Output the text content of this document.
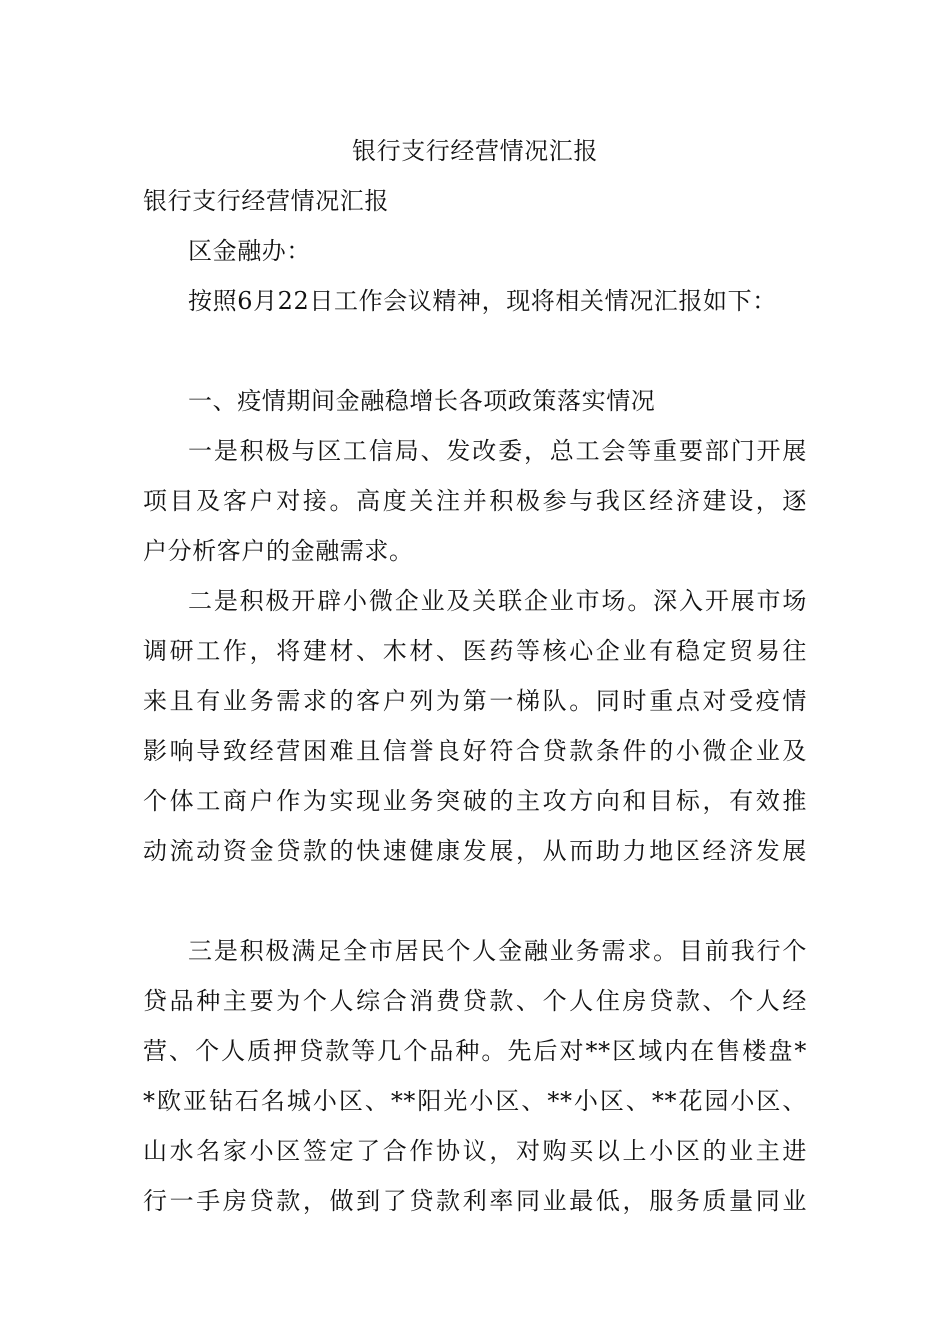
银行支行经营情况汇报
银行支行经营情况汇报
区金融办：
按照6月22日工作会议精神，现将相关情况汇报如下：
一、疫情期间金融稳增长各项政策落实情况
一是积极与区工信局、发改委，总工会等重要部门开展
项目及客户对接。高度关注并积极参与我区经济建设，逐
户分析客户的金融需求。
二是积极开辟小微企业及关联企业市场。深入开展市场
调研工作，将建材、木材、医药等核心企业有稳定贸易往
来且有业务需求的客户列为第一梯队。同时重点对受疫情
影响导致经营困难且信誉良好符合贷款条件的小微企业及
个体工商户作为实现业务突破的主攻方向和目标，有效推
动流动资金贷款的快速健康发展，从而助力地区经济发展
三是积极满足全市居民个人金融业务需求。目前我行个
贷品种主要为个人综合消费贷款、个人住房贷款、个人经
营、个人质押贷款等几个品种。先后对**区域内在售楼盘*
*欧亚钻石名城小区、**阳光小区、**小区、**花园小区、
山水名家小区签定了合作协议，对购买以上小区的业主进
行一手房贷款，做到了贷款利率同业最低，服务质量同业
